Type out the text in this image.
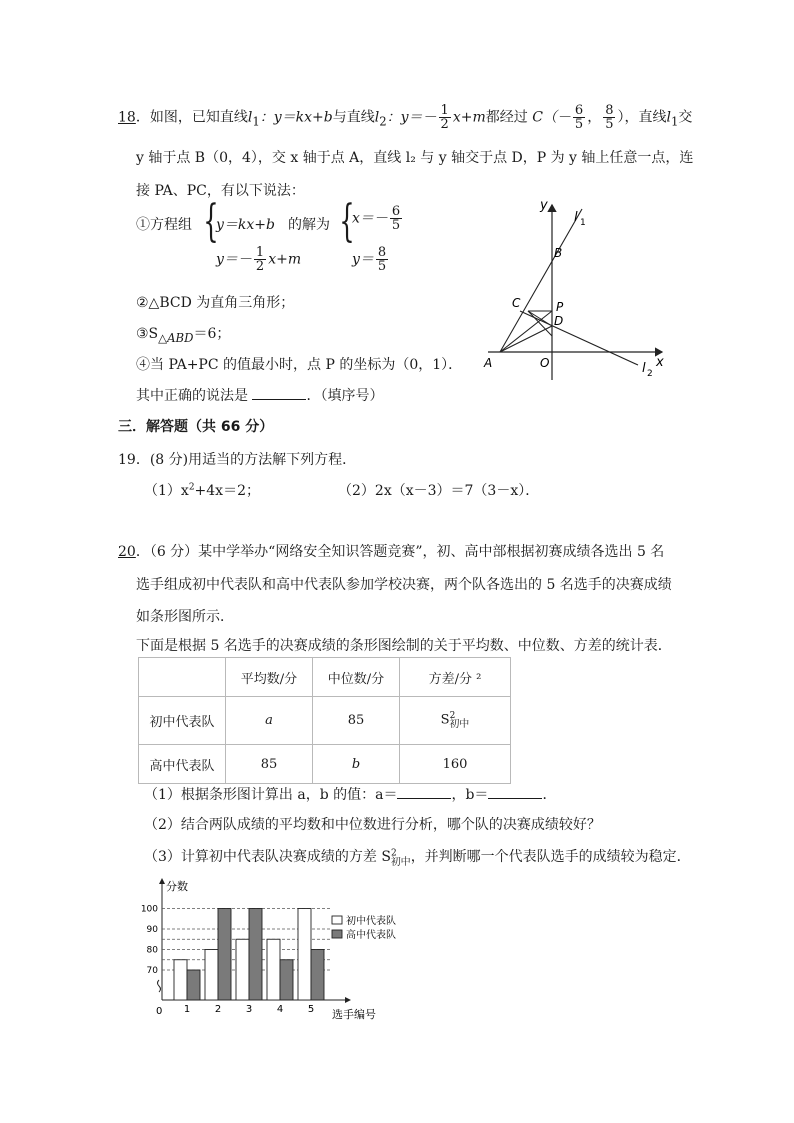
18．如图，已知直线$l_1$：y＝kx+b与直线$l_2$：$y=- \frac{1}{2} x+m$都经过 $C(- \frac{6}{5}$ ， $\frac{8}{5}$ ），直线$l_1$交
y 轴于点 B（0，4），交 x 轴于点 A，直线 l₂ 与 y 轴交于点 D，P 为 y 轴上任意一点，连
接 PA、PC，有以下说法：
①方程组 {
y＝kx+b
$y=- \frac{1}{2} x+m$
的解为 {
$x=- \frac{6}{5}$
$y= \frac{8}{5}$
②△BCD 为直角三角形；
$③S_{\triangle ABD}=6$；
④当 PA+PC 的值最小时，点 P 的坐标为（0，1）．
其中正确的说法是	．（填序号）
y
x
l 1
l 2
B
C	P
D
A	O
三．解答题（共 66 分）
19．(8 分)用适当的方法解下列方程．
$(1)x^2+4x=2$；	（2）2x（x－3）＝7（3－x）．
20．（6 分）某中学举办“网络安全知识答题竞赛”，初、高中部根据初赛成绩各选出 5 名
选手组成初中代表队和高中代表队参加学校决赛，两个队各选出的 5 名选手的决赛成绩
如条形图所示．
下面是根据 5 名选手的决赛成绩的条形图绘制的关于平均数、中位数、方差的统计表．
	平均数/分	中位数/分	方差/分 ²
初中代表队	a	85	$S^2_{初中}$
高中代表队	85	b	160
（1）根据条形图计算出 a，b 的值：a＝	，b＝	．
（2）结合两队成绩的平均数和中位数进行分析，哪个队的决赛成绩较好？
（3）计算初中代表队决赛成绩的方差 $S^2_{初中}$，并判断哪一个代表队选手的成绩较为稳定．
分数
选手编号
0
70
80
90
100
1 2 3 4 5
初中代表队
高中代表队
